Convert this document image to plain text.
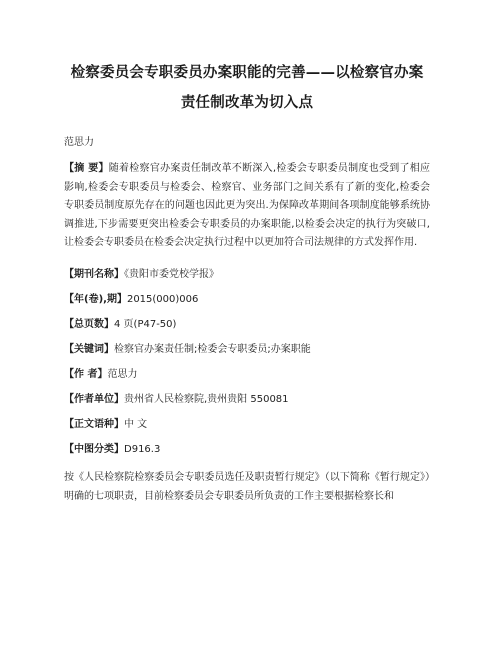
检察委员会专职委员办案职能的完善——以检察官办案责任制改革为切入点
范思力
【摘 要】随着检察官办案责任制改革不断深入,检委会专职委员制度也受到了相应影响,检委会专职委员与检委会、检察官、业务部门之间关系有了新的变化,检委会专职委员制度原先存在的问题也因此更为突出.为保障改革期间各项制度能够系统协调推进,下步需要更突出检委会专职委员的办案职能,以检委会决定的执行为突破口,让检委会专职委员在检委会决定执行过程中以更加符合司法规律的方式发挥作用.
【期刊名称】《贵阳市委党校学报》
【年(卷),期】2015(000)006
【总页数】4 页(P47-50)
【关键词】检察官办案责任制;检委会专职委员;办案职能
【作 者】范思力
【作者单位】贵州省人民检察院,贵州贵阳 550081
【正文语种】中 文
【中图分类】D916.3
按《人民检察院检察委员会专职委员选任及职责暂行规定》（以下简称《暂行规定》）明确的七项职责，目前检察委员会专职委员所负责的工作主要根据检察长和
